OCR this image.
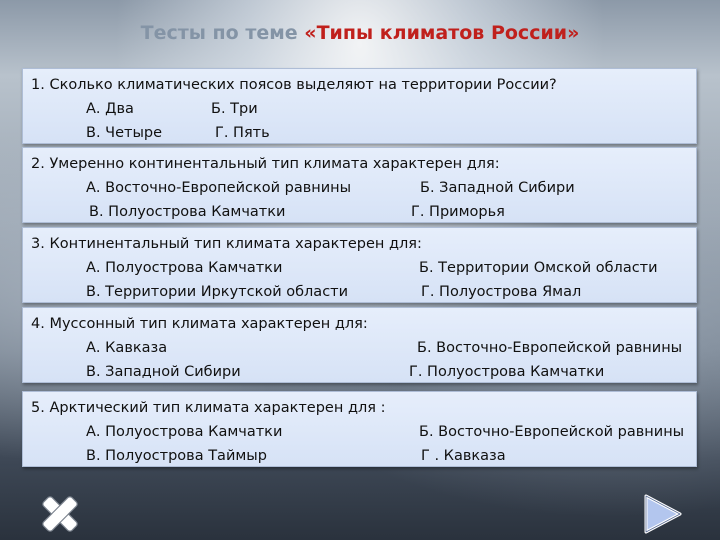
Тесты по теме «Типы климатов России»
1. Сколько климатических поясов выделяют на территории России?
А. Два	Б. Три
В. Четыре	Г. Пять
2. Умеренно континентальный тип климата характерен для:
А. Восточно-Европейской равнины	Б. Западной Сибири
В. Полуострова Камчатки	Г. Приморья
3. Континентальный тип климата характерен для:
А. Полуострова Камчатки	Б. Территории Омской области
В. Территории Иркутской области	Г. Полуострова Ямал
4. Муссонный тип климата характерен для:
А. Кавказа	Б. Восточно-Европейской равнины
В. Западной Сибири	Г. Полуострова Камчатки
5. Арктический тип климата характерен для :
А. Полуострова Камчатки	Б. Восточно-Европейской равнины
В. Полуострова Таймыр	Г . Кавказа
